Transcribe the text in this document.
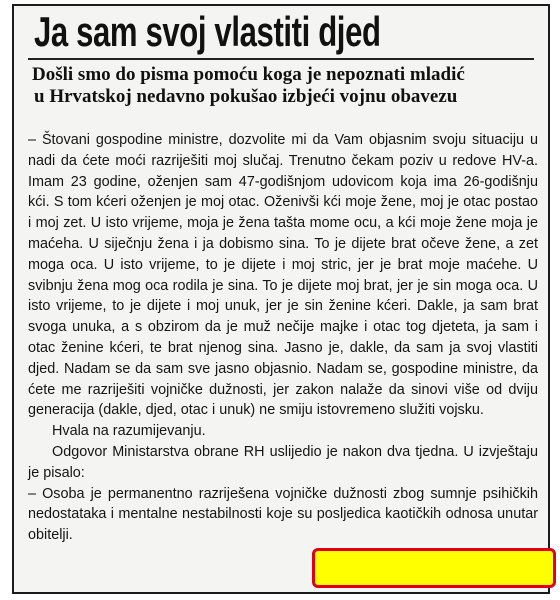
Ja sam svoj vlastiti djed
Došli smo do pisma pomoću koga je nepoznati mladić
u Hrvatskoj nedavno pokušao izbjeći vojnu obavezu

– Štovani gospodine ministre, dozvolite mi da Vam objasnim svoju situaciju u nadi da ćete moći razriješiti moj slučaj. Trenutno čekam poziv u redove HV-a. Imam 23 godine, oženjen sam 47-godišnjom udovicom koja ima 26-godišnju kći. S tom kćeri oženjen je moj otac. Oženivši kći moje žene, moj je otac postao i moj zet. U isto vrijeme, moja je žena tašta mome ocu, a kći moje žene moja je maćeha. U siječnju žena i ja dobismo sina. To je dijete brat očeve žene, a zet moga oca. U isto vrijeme, to je dijete i moj stric, jer je brat moje maćehe. U svibnju žena mog oca rodila je sina. To je dijete moj brat, jer je sin moga oca. U isto vrijeme, to je dijete i moj unuk, jer je sin ženine kćeri. Dakle, ja sam brat svoga unuka, a s obzirom da je muž nečije majke i otac tog djeteta, ja sam i otac ženine kćeri, te brat njenog sina. Jasno je, dakle, da sam ja svoj vlastiti djed. Nadam se da sam sve jasno objasnio. Nadam se, gospodine ministre, da ćete me razriješiti vojničke dužnosti, jer zakon nalaže da sinovi više od dviju generacija (dakle, djed, otac i unuk) ne smiju istovremeno služiti vojsku.

Hvala na razumijevanju.

Odgovor Ministarstva obrane RH uslijedio je nakon dva tjedna. U izvještaju je pisalo:

– Osoba je permanentno razriješena vojničke dužnosti zbog sumnje psihičkih nedostataka i mentalne nestabilnosti koje su posljedica kaotičkih odnosa unutar obitelji.
